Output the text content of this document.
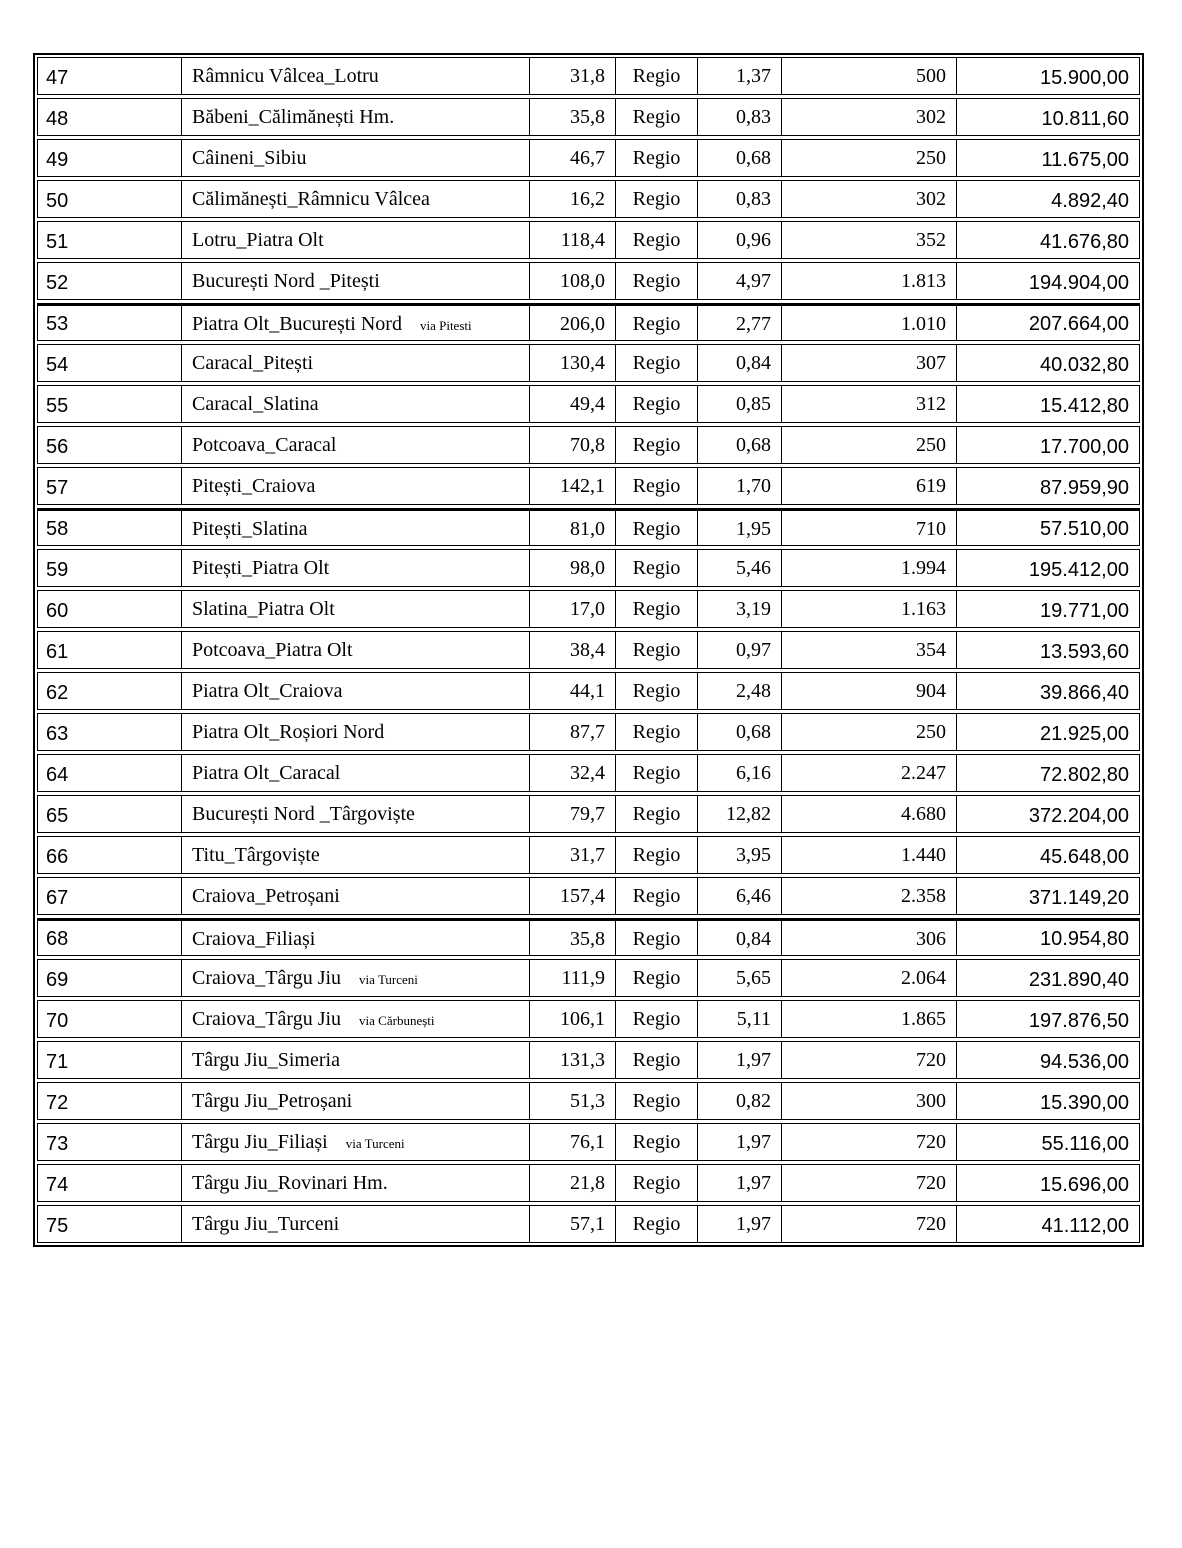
47	Râmnicu Vâlcea_Lotru	31,8	Regio	1,37	500	15.900,00
48	Băbeni_Călimănești Hm.	35,8	Regio	0,83	302	10.811,60
49	Câineni_Sibiu	46,7	Regio	0,68	250	11.675,00
50	Călimănești_Râmnicu Vâlcea	16,2	Regio	0,83	302	4.892,40
51	Lotru_Piatra Olt	118,4	Regio	0,96	352	41.676,80
52	București Nord _Pitești	108,0	Regio	4,97	1.813	194.904,00
53	Piatra Olt_București Nord via Pitesti	206,0	Regio	2,77	1.010	207.664,00
54	Caracal_Pitești	130,4	Regio	0,84	307	40.032,80
55	Caracal_Slatina	49,4	Regio	0,85	312	15.412,80
56	Potcoava_Caracal	70,8	Regio	0,68	250	17.700,00
57	Pitești_Craiova	142,1	Regio	1,70	619	87.959,90
58	Pitești_Slatina	81,0	Regio	1,95	710	57.510,00
59	Pitești_Piatra Olt	98,0	Regio	5,46	1.994	195.412,00
60	Slatina_Piatra Olt	17,0	Regio	3,19	1.163	19.771,00
61	Potcoava_Piatra Olt	38,4	Regio	0,97	354	13.593,60
62	Piatra Olt_Craiova	44,1	Regio	2,48	904	39.866,40
63	Piatra Olt_Roșiori Nord	87,7	Regio	0,68	250	21.925,00
64	Piatra Olt_Caracal	32,4	Regio	6,16	2.247	72.802,80
65	București Nord _Târgoviște	79,7	Regio	12,82	4.680	372.204,00
66	Titu_Târgoviște	31,7	Regio	3,95	1.440	45.648,00
67	Craiova_Petroșani	157,4	Regio	6,46	2.358	371.149,20
68	Craiova_Filiași	35,8	Regio	0,84	306	10.954,80
69	Craiova_Târgu Jiu via Turceni	111,9	Regio	5,65	2.064	231.890,40
70	Craiova_Târgu Jiu via Cărbunești	106,1	Regio	5,11	1.865	197.876,50
71	Târgu Jiu_Simeria	131,3	Regio	1,97	720	94.536,00
72	Târgu Jiu_Petroșani	51,3	Regio	0,82	300	15.390,00
73	Târgu Jiu_Filiași via Turceni	76,1	Regio	1,97	720	55.116,00
74	Târgu Jiu_Rovinari Hm.	21,8	Regio	1,97	720	15.696,00
75	Târgu Jiu_Turceni	57,1	Regio	1,97	720	41.112,00
